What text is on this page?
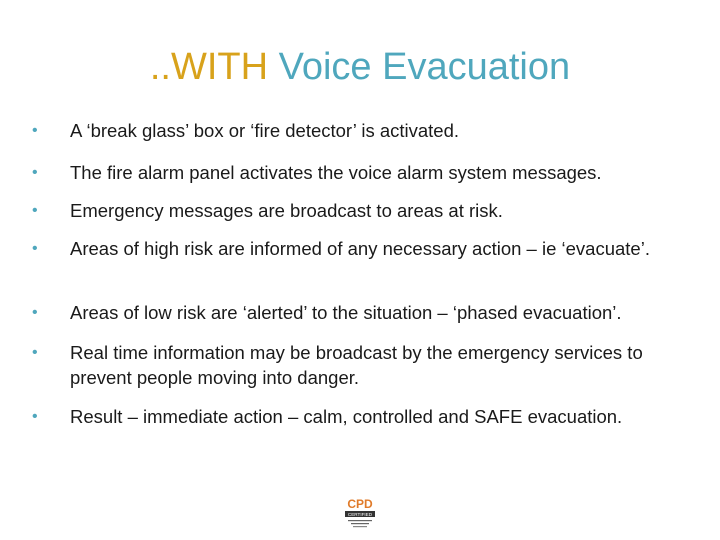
..WITH Voice Evacuation
• A ‘break glass’ box or ‘fire detector’ is activated.
• The fire alarm panel activates the voice alarm system messages.
• Emergency messages are broadcast to areas at risk.
• Areas of high risk are informed of any necessary action – ie ‘evacuate’.
• Areas of low risk are ‘alerted’ to the situation – ‘phased evacuation’.
• Real time information may be broadcast by the emergency services to prevent people moving into danger.
• Result – immediate action – calm, controlled and SAFE evacuation.
CPD
CERTIFIED
